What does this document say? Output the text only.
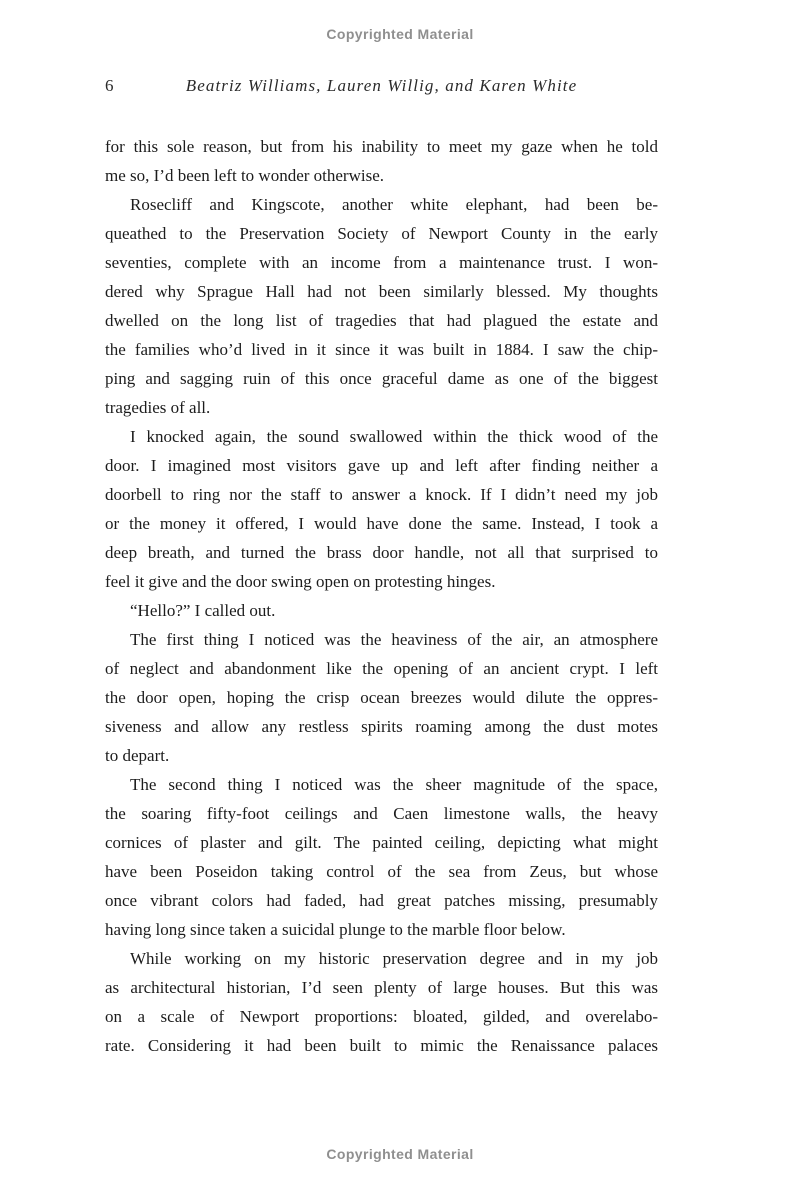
Copyrighted Material
6	Beatriz Williams, Lauren Willig, and Karen White
for this sole reason, but from his inability to meet my gaze when he told
me so, I’d been left to wonder otherwise.
Rosecliff and Kingscote, another white elephant, had been be-
queathed to the Preservation Society of Newport County in the early
seventies, complete with an income from a maintenance trust. I won-
dered why Sprague Hall had not been similarly blessed. My thoughts
dwelled on the long list of tragedies that had plagued the estate and
the families who’d lived in it since it was built in 1884. I saw the chip-
ping and sagging ruin of this once graceful dame as one of the biggest
tragedies of all.
I knocked again, the sound swallowed within the thick wood of the
door. I imagined most visitors gave up and left after finding neither a
doorbell to ring nor the staff to answer a knock. If I didn’t need my job
or the money it offered, I would have done the same. Instead, I took a
deep breath, and turned the brass door handle, not all that surprised to
feel it give and the door swing open on protesting hinges.
“Hello?” I called out.
The first thing I noticed was the heaviness of the air, an atmosphere
of neglect and abandonment like the opening of an ancient crypt. I left
the door open, hoping the crisp ocean breezes would dilute the oppres-
siveness and allow any restless spirits roaming among the dust motes
to depart.
The second thing I noticed was the sheer magnitude of the space,
the soaring fifty-foot ceilings and Caen limestone walls, the heavy
cornices of plaster and gilt. The painted ceiling, depicting what might
have been Poseidon taking control of the sea from Zeus, but whose
once vibrant colors had faded, had great patches missing, presumably
having long since taken a suicidal plunge to the marble floor below.
While working on my historic preservation degree and in my job
as architectural historian, I’d seen plenty of large houses. But this was
on a scale of Newport proportions: bloated, gilded, and overelabo-
rate. Considering it had been built to mimic the Renaissance palaces
Copyrighted Material
